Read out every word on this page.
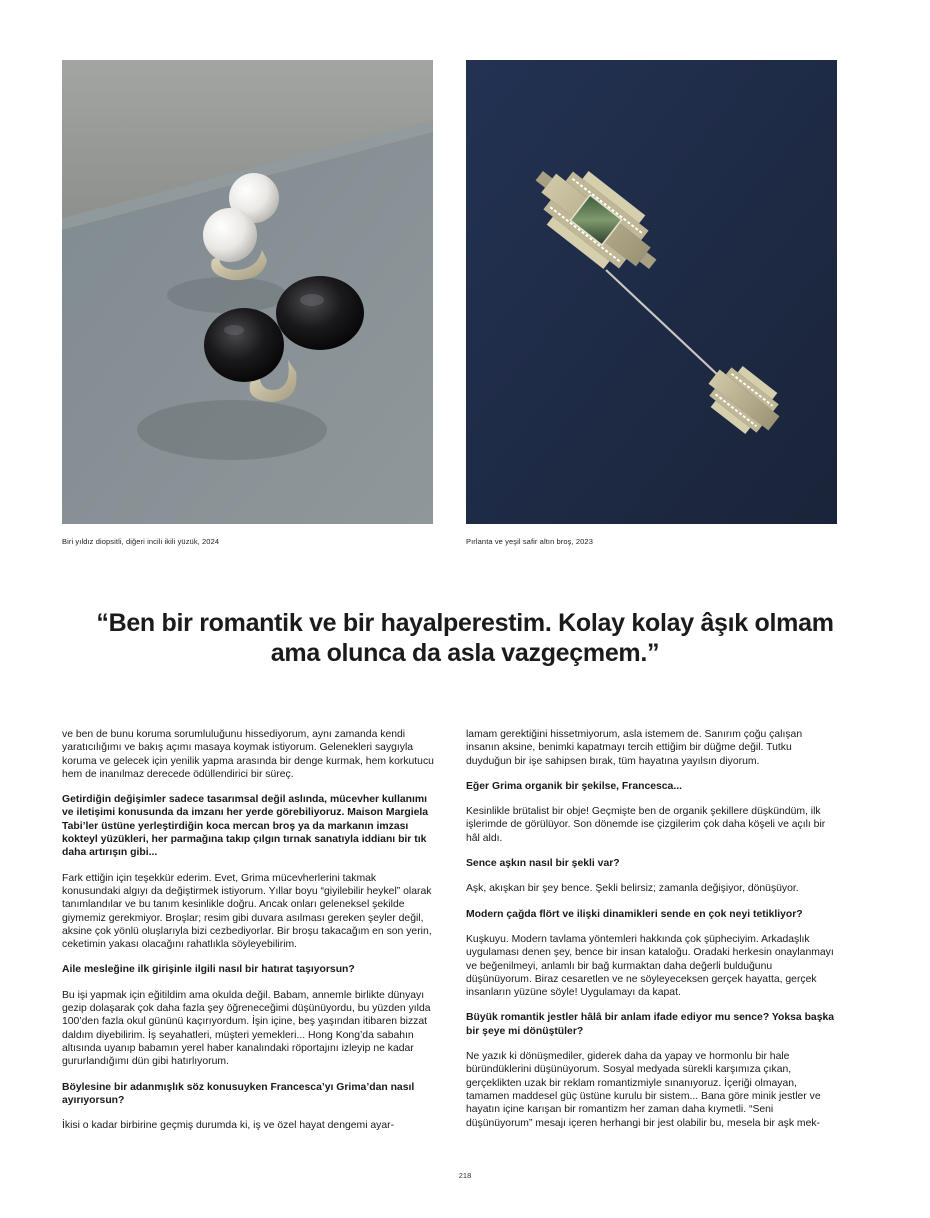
Biri yıldız diopsitli, diğeri incili ikili yüzük, 2024	Pırlanta ve yeşil safir altın broş, 2023
“Ben bir romantik ve bir hayalperestim. Kolay kolay âşık olmam ama olunca da asla vazgeçmem.”

ve ben de bunu koruma sorumluluğunu hissediyorum, aynı zamanda kendi yaratıcılığımı ve bakış açımı masaya koymak istiyorum. Gelenekleri saygıyla koruma ve gelecek için yenilik yapma arasında bir denge kurmak, hem korkutucu hem de inanılmaz derecede ödüllendirici bir süreç.

Getirdiğin değişimler sadece tasarımsal değil aslında, mücevher kullanımı ve iletişimi konusunda da imzanı her yerde görebiliyoruz. Maison Margiela Tabi’ler üstüne yerleştirdiğin koca mercan broş ya da markanın imzası kokteyl yüzükleri, her parmağına takıp çılgın tırnak sanatıyla iddianı bir tık daha artırışın gibi...

Fark ettiğin için teşekkür ederim. Evet, Grima mücevherlerini takmak konusundaki algıyı da değiştirmek istiyorum. Yıllar boyu “giyilebilir heykel” olarak tanımlandılar ve bu tanım kesinlikle doğru. Ancak onları geleneksel şekilde giymemiz gerekmiyor. Broşlar; resim gibi duvara asılması gereken şeyler değil, aksine çok yönlü oluşlarıyla bizi cezbediyorlar. Bir broşu takacağım en son yerin, ceketimin yakası olacağını rahatlıkla söyleyebilirim.

Aile mesleğine ilk girişinle ilgili nasıl bir hatırat taşıyorsun?

Bu işi yapmak için eğitildim ama okulda değil. Babam, annemle birlikte dünyayı gezip dolaşarak çok daha fazla şey öğreneceğimi düşünüyordu, bu yüzden yılda 100’den fazla okul gününü kaçırıyordum. İşin içine, beş yaşından itibaren bizzat daldım diyebilirim. İş seyahatleri, müşteri yemekleri... Hong Kong’da sabahın altısında uyanıp babamın yerel haber kanalındaki röportajını izleyip ne kadar gururlandığımı dün gibi hatırlıyorum.

Böylesine bir adanmışlık söz konusuyken Francesca’yı Grima’dan nasıl ayırıyorsun?

İkisi o kadar birbirine geçmiş durumda ki, iş ve özel hayat dengemi ayar-

lamam gerektiğini hissetmiyorum, asla istemem de. Sanırım çoğu çalışan insanın aksine, benimki kapatmayı tercih ettiğim bir düğme değil. Tutku duyduğun bir işe sahipsen bırak, tüm hayatına yayılsın diyorum.

Eğer Grima organik bir şekilse, Francesca...

Kesinlikle brütalist bir obje! Geçmişte ben de organik şekillere düşkündüm, ilk işlerimde de görülüyor. Son dönemde ise çizgilerim çok daha köşeli ve açılı bir hâl aldı.

Sence aşkın nasıl bir şekli var?

Aşk, akışkan bir şey bence. Şekli belirsiz; zamanla değişiyor, dönüşüyor.

Modern çağda flört ve ilişki dinamikleri sende en çok neyi tetikliyor?

Kuşkuyu. Modern tavlama yöntemleri hakkında çok şüpheciyim. Arkadaşlık uygulaması denen şey, bence bir insan kataloğu. Oradaki herkesin onaylanmayı ve beğenilmeyi, anlamlı bir bağ kurmaktan daha değerli bulduğunu düşünüyorum. Biraz cesaretlen ve ne söyleyeceksen gerçek hayatta, gerçek insanların yüzüne söyle! Uygulamayı da kapat.

Büyük romantik jestler hâlâ bir anlam ifade ediyor mu sence? Yoksa başka bir şeye mi dönüştüler?

Ne yazık ki dönüşmediler, giderek daha da yapay ve hormonlu bir hale büründüklerini düşünüyorum. Sosyal medyada sürekli karşımıza çıkan, gerçeklikten uzak bir reklam romantizmiyle sınanıyoruz. İçeriği olmayan, tamamen maddesel güç üstüne kurulu bir sistem... Bana göre minik jestler ve hayatın içine karışan bir romantizm her zaman daha kıymetli. “Seni düşünüyorum” mesajı içeren herhangi bir jest olabilir bu, mesela bir aşk mek-

218
